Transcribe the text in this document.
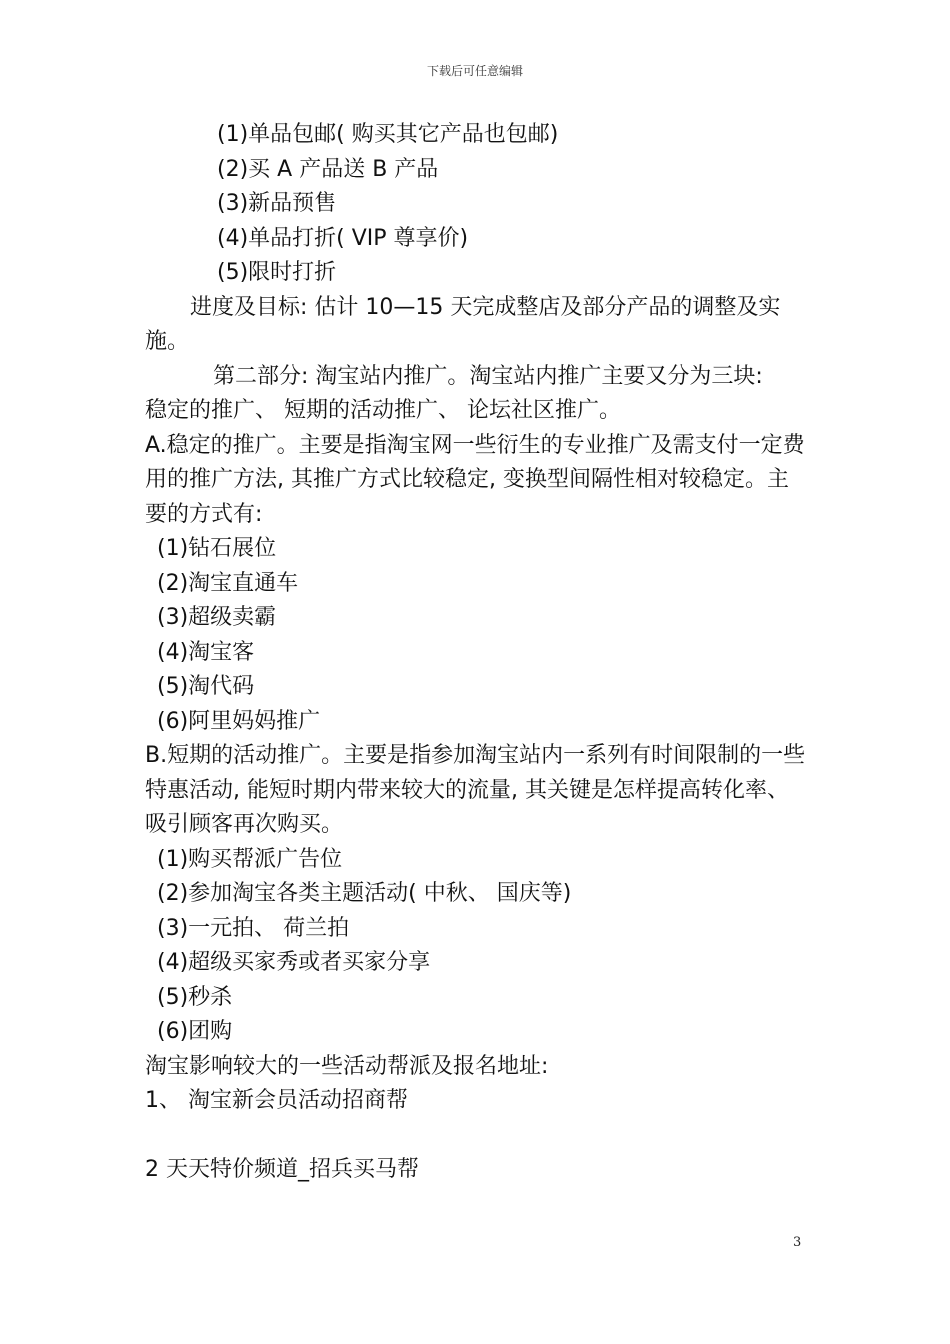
下载后可任意编辑
(1)单品包邮( 购买其它产品也包邮)
(2)买 A 产品送 B 产品
(3)新品预售
(4)单品打折( VIP 尊享价)
(5)限时打折
进度及目标: 估计 10—15 天完成整店及部分产品的调整及实
施。
第二部分: 淘宝站内推广。淘宝站内推广主要又分为三块:
稳定的推广、 短期的活动推广、 论坛社区推广。
A.稳定的推广。主要是指淘宝网一些衍生的专业推广及需支付一定费用的推广方法, 其推广方式比较稳定, 变换型间隔性相对较稳定。主要的方式有:
(1)钻石展位
(2)淘宝直通车
(3)超级卖霸
(4)淘宝客
(5)淘代码
(6)阿里妈妈推广
B.短期的活动推广。主要是指参加淘宝站内一系列有时间限制的一些特惠活动, 能短时期内带来较大的流量, 其关键是怎样提高转化率、 吸引顾客再次购买。
(1)购买帮派广告位
(2)参加淘宝各类主题活动( 中秋、 国庆等)
(3)一元拍、 荷兰拍
(4)超级买家秀或者买家分享
(5)秒杀
(6)团购
淘宝影响较大的一些活动帮派及报名地址:
1、 淘宝新会员活动招商帮
2 天天特价频道_招兵买马帮
3
